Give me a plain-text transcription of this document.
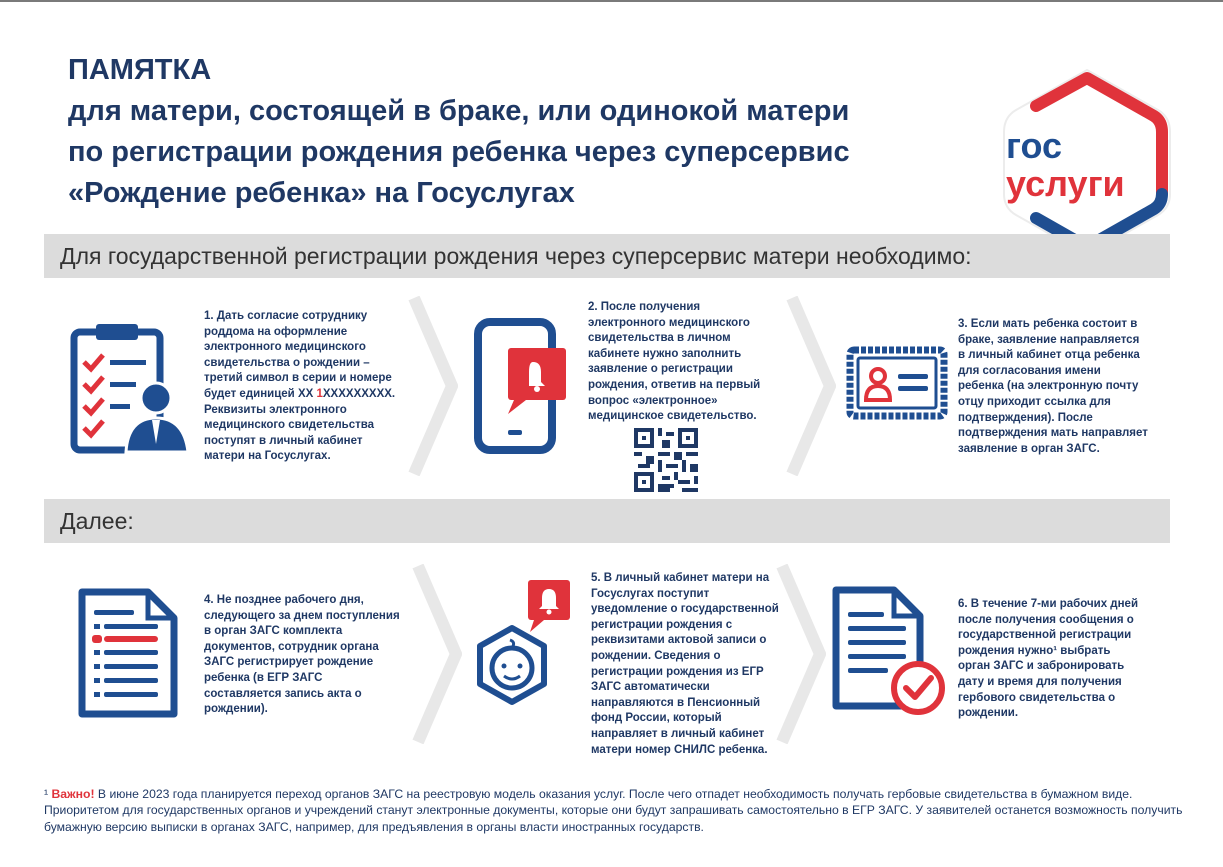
ПАМЯТКА
для матери, состоящей в браке, или одинокой матери
по регистрации рождения ребенка через суперсервис
«Рождение ребенка» на Госуслугах
гос
услуги
Для государственной регистрации рождения через суперсервис матери необходимо:
Далее:
1. Дать согласие сотруднику роддома на оформление электронного медицинского свидетельства о рождении – третий символ в серии и номере будет единицей ХХ 1ХХХХХХХХХ. Реквизиты электронного медицинского свидетельства поступят в личный кабинет матери на Госуслугах.
2. После получения электронного медицинского свидетельства в личном кабинете нужно заполнить заявление о регистрации рождения, ответив на первый вопрос «электронное» медицинское свидетельство.
3. Если мать ребенка состоит в браке, заявление направляется в личный кабинет отца ребенка для согласования имени ребенка (на электронную почту отцу приходит ссылка для подтверждения). После подтверждения мать направляет заявление в орган ЗАГС.
4. Не позднее рабочего дня, следующего за днем поступления в орган ЗАГС комплекта документов, сотрудник органа ЗАГС регистрирует рождение ребенка (в ЕГР ЗАГС составляется запись акта о рождении).
5. В личный кабинет матери на Госуслугах поступит уведомление о государственной регистрации рождения с реквизитами актовой записи о рождении. Сведения о регистрации рождения из ЕГР ЗАГС автоматически направляются в Пенсионный фонд России, который направляет в личный кабинет матери номер СНИЛС ребенка.
6. В течение 7-ми рабочих дней после получения сообщения о государственной регистрации рождения нужно¹ выбрать орган ЗАГС и забронировать дату и время для получения гербового свидетельства о рождении.
¹ Важно! В июне 2023 года планируется переход органов ЗАГС на реестровую модель оказания услуг. После чего отпадет необходимость получать гербовые свидетельства в бумажном виде. Приоритетом для государственных органов и учреждений станут электронные документы, которые они будут запрашивать самостоятельно в ЕГР ЗАГС. У заявителей останется возможность получить бумажную версию выписки в органах ЗАГС, например, для предъявления в органы власти иностранных государств.
